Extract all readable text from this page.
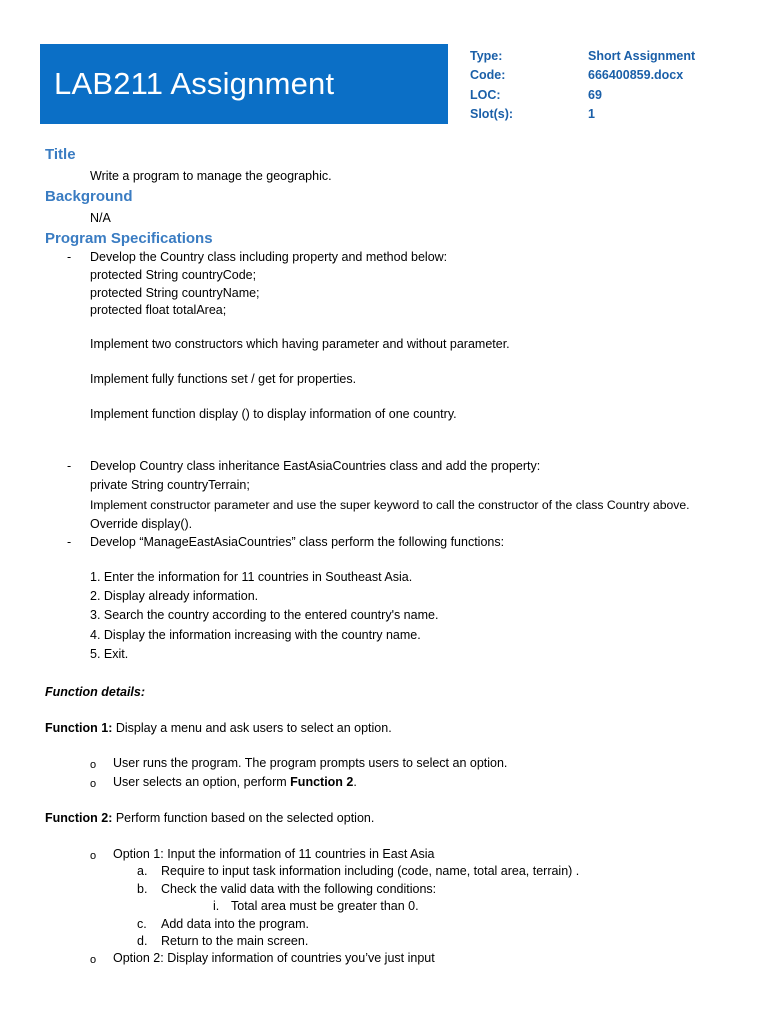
LAB211 Assignment
Type:	Short Assignment
Code:	666400859.docx
LOC:	69
Slot(s):	1
Title
Write a program to manage the geographic.
Background
N/A
Program Specifications
- Develop the Country class including property and method below:
protected String countryCode;
protected String countryName;
protected float totalArea;
Implement two constructors which having parameter and without parameter.
Implement fully functions set / get for properties.
Implement function display () to display information of one country.
- Develop Country class inheritance EastAsiaCountries class and add the property:
private String countryTerrain;
Implement constructor parameter and use the super keyword to call the constructor of the class Country above.
Override display().
- Develop “ManageEastAsiaCountries” class perform the following functions:
1. Enter the information for 11 countries in Southeast Asia.
2. Display already information.
3. Search the country according to the entered country's name.
4. Display the information increasing with the country name.
5. Exit.
Function details:
Function 1: Display a menu and ask users to select an option.
o User runs the program. The program prompts users to select an option.
o User selects an option, perform Function 2.
Function 2: Perform function based on the selected option.
o Option 1: Input the information of 11 countries in East Asia
a. Require to input task information including (code, name, total area, terrain) .
b. Check the valid data with the following conditions:
i. Total area must be greater than 0.
c. Add data into the program.
d. Return to the main screen.
o Option 2: Display information of countries you’ve just input
